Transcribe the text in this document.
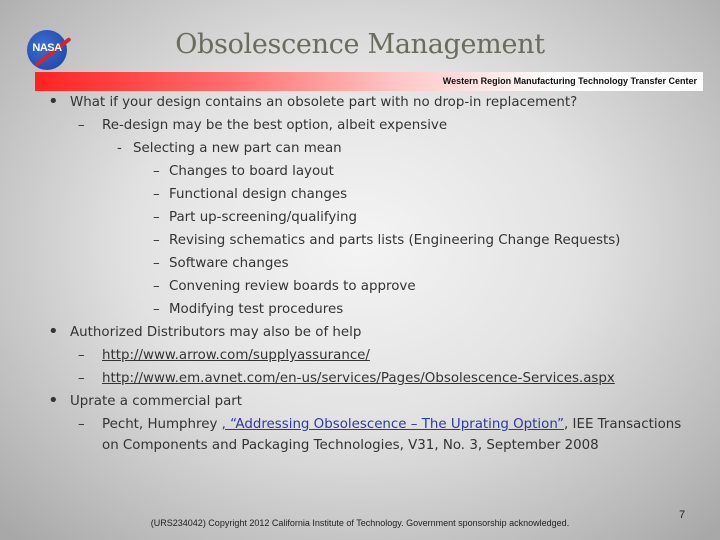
NASA	Obsolescence Management
Western Region Manufacturing Technology Transfer Center
• What if your design contains an obsolete part with no drop-in replacement?
– Re-design may be the best option, albeit expensive
- Selecting a new part can mean
– Changes to board layout
– Functional design changes
– Part up-screening/qualifying
– Revising schematics and parts lists (Engineering Change Requests)
– Software changes
– Convening review boards to approve
– Modifying test procedures
• Authorized Distributors may also be of help
– http://www.arrow.com/supplyassurance/
– http://www.em.avnet.com/en-us/services/Pages/Obsolescence-Services.aspx
• Uprate a commercial part
– Pecht, Humphrey , “Addressing Obsolescence – The Uprating Option”, IEE Transactions
on Components and Packaging Technologies, V31, No. 3, September 2008
7
(URS234042) Copyright 2012 California Institute of Technology. Government sponsorship acknowledged.
